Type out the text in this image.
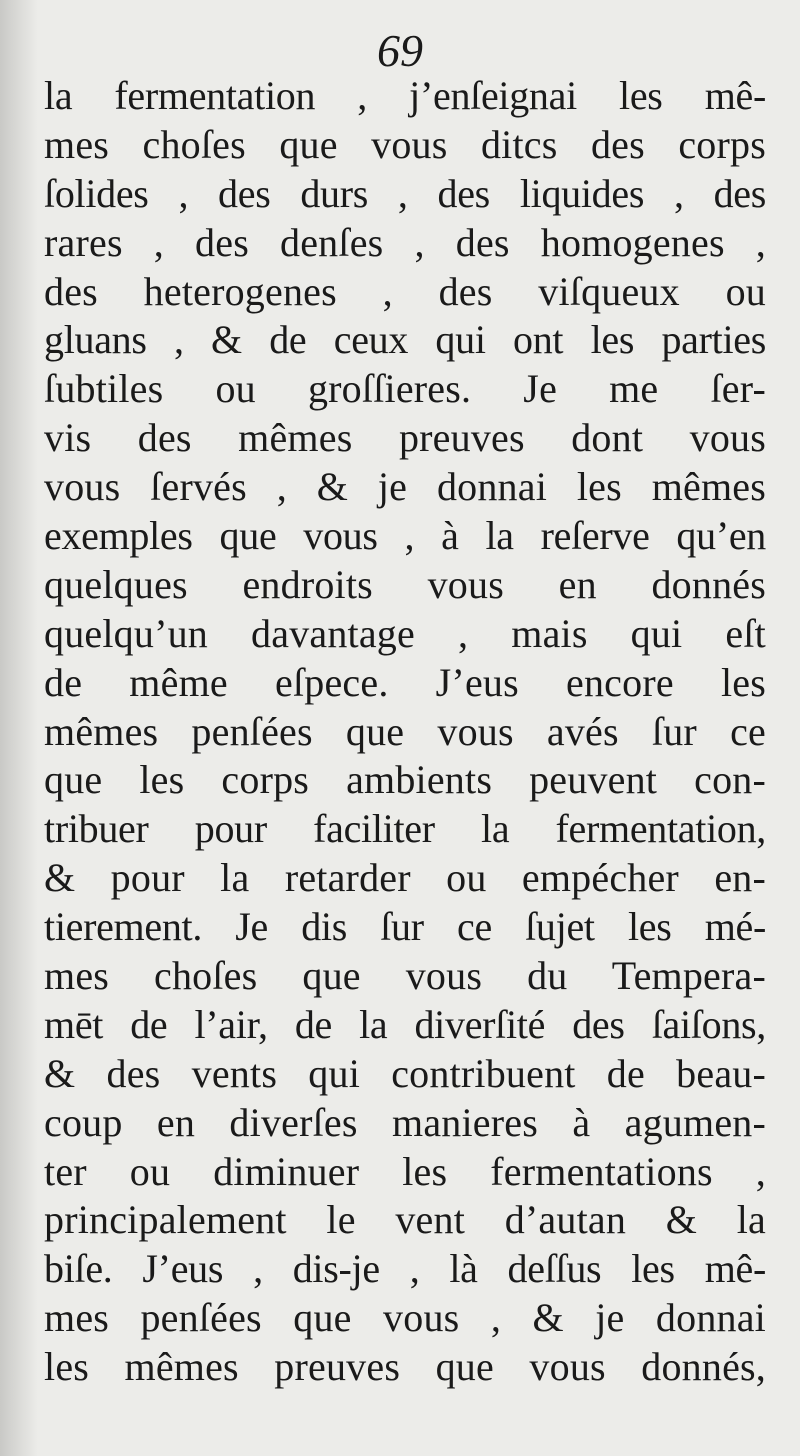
69
la fermentation , j’enſeignai les mê-
mes choſes que vous ditcs des corps
ſolides , des durs , des liquides , des
rares , des denſes , des homogenes ,
des heterogenes , des viſqueux ou
gluans , & de ceux qui ont les parties
ſubtiles ou groſſieres. Je me ſer-
vis des mêmes preuves dont vous
vous ſervés , & je donnai les mêmes
exemples que vous , à la reſerve qu’en
quelques endroits vous en donnés
quelqu’un davantage , mais qui eſt
de même eſpece. J’eus encore les
mêmes penſées que vous avés ſur ce
que les corps ambients peuvent con-
tribuer pour faciliter la fermentation,
& pour la retarder ou empécher en-
tierement. Je dis ſur ce ſujet les mé-
mes choſes que vous du Tempera-
mēt de l’air, de la diverſité des ſaiſons,
& des vents qui contribuent de beau-
coup en diverſes manieres à agumen-
ter ou diminuer les fermentations ,
principalement le vent d’autan & la
biſe. J’eus , dis-je , là deſſus les mê-
mes penſées que vous , & je donnai
les mêmes preuves que vous donnés,
